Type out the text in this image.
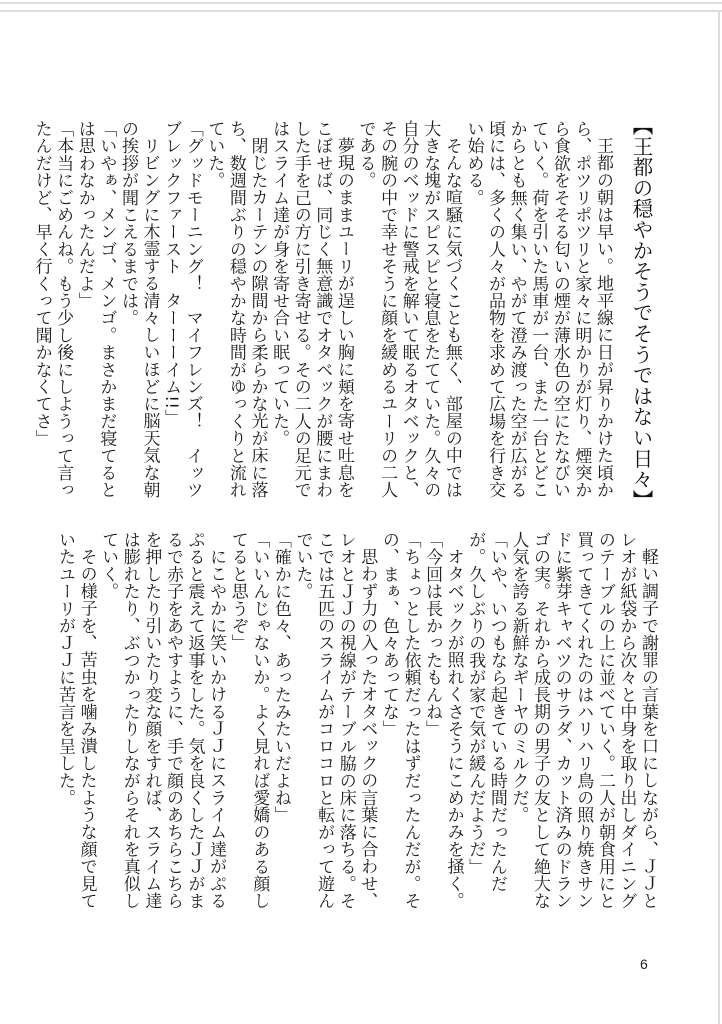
【王都の穏やかそうでそうではない日々】

王都の朝は早い。地平線に日が昇りかけた頃から、ポツリポツリと家々に明かりが灯り、煙突から食欲をそそる匂いの煙が薄水色の空にたなびいていく。荷を引いた馬車が一台、また一台とどこからとも無く集い、やがて澄み渡った空が広がる頃には、多くの人々が品物を求めて広場を行き交い始める。

そんな喧騒に気づくことも無く、部屋の中では大きな塊がスピスピと寝息をたてていた。久々の自分のベッドに警戒を解いて眠るオタベックと、その腕の中で幸せそうに顔を緩めるユーリの二人である。

夢現のままユーリが逞しい胸に頬を寄せ吐息をこぼせば、同じく無意識でオタベックが腰にまわした手を己の方に引き寄せる。その二人の足元ではスライム達が身を寄せ合い眠っていた。

閉じたカーテンの隙間から柔らかな光が床に落ち、数週間ぶりの穏やかな時間がゆっくりと流れていた。

「グッドモーニング！　マイフレンズ！　イッツブレックファースト　ターーーイム!!」

リビングに木霊する清々しいほどに脳天気な朝の挨拶が聞こえるまでは。

「いやぁ、メンゴ、メンゴ。まさかまだ寝てるとは思わなかったんだよ」

「本当にごめんね。もう少し後にしようって言ったんだけど、早く行くって聞かなくてさ」

軽い調子で謝罪の言葉を口にしながら、ＪＪとレオが紙袋から次々と中身を取り出しダイニングのテーブルの上に並べていく。二人が朝食用にと買ってきてくれたのはハリハリ鳥の照り焼きサンドに紫芽キャベツのサラダ、カット済みのドランゴの実。それから成長期の男子の友として絶大な人気を誇る新鮮なギーヤのミルクだ。

「いや、いつもなら起きている時間だったんだが。久しぶりの我が家で気が緩んだようだ」

オタベックが照れくさそうにこめかみを掻く。

「今回は長かったもんね」

「ちょっとした依頼だったはずだったんだが。その、まぁ、色々あってな」

思わず力の入ったオタベックの言葉に合わせ、レオとＪＪの視線がテーブル脇の床に落ちる。そこでは五匹のスライムがコロコロと転がって遊んでいた。

「確かに色々、あったみたいだよね」

「いいんじゃないか。よく見れば愛嬌のある顔してると思うぞ」

にこやかに笑いかけるＪＪにスライム達がぷるぷると震えて返事をした。気を良くしたＪＪがまるで赤子をあやすように、手で顔のあちらこちらを押したり引いたり変な顔をすれば、スライム達は膨れたり、ぶつかったりしながらそれを真似していく。

その様子を、苦虫を噛み潰したような顔で見ていたユーリがＪＪに苦言を呈した。

6
